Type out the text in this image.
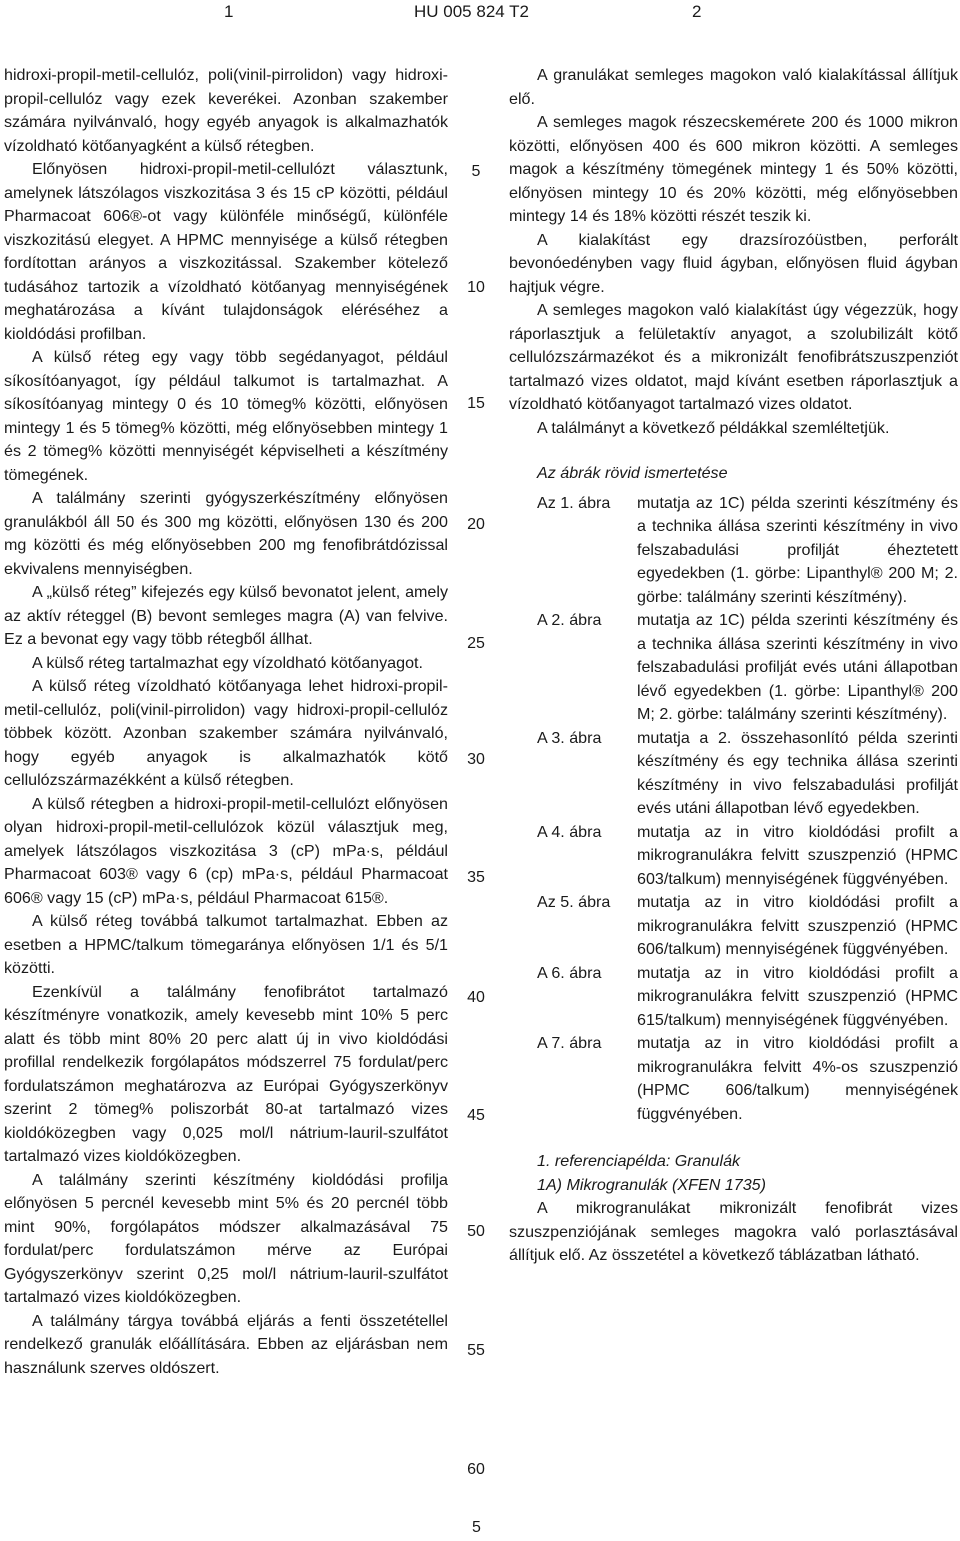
1	HU 005 824 T2	2

hidroxi-propil-metil-cellulóz, poli(vinil-pirrolidon) vagy hidroxi-propil-cellulóz vagy ezek keverékei. Azonban szakember számára nyilvánvaló, hogy egyéb anyagok is alkalmazhatók vízoldható kötőanyagként a külső rétegben.

Előnyösen hidroxi-propil-metil-cellulózt választunk, amelynek látszólagos viszkozitása 3 és 15 cP közötti, például Pharmacoat 606®-ot vagy különféle minőségű, különféle viszkozitású elegyet. A HPMC mennyisége a külső rétegben fordítottan arányos a viszkozitással. Szakember kötelező tudásához tartozik a vízoldható kötőanyag mennyiségének meghatározása a kívánt tulajdonságok eléréséhez a kioldódási profilban.

A külső réteg egy vagy több segédanyagot, például síkosítóanyagot, így például talkumot is tartalmazhat. A síkosítóanyag mintegy 0 és 10 tömeg% közötti, előnyösen mintegy 1 és 5 tömeg% közötti, még előnyösebben mintegy 1 és 2 tömeg% közötti mennyiségét képviselheti a készítmény tömegének.

A találmány szerinti gyógyszerkészítmény előnyösen granulákból áll 50 és 300 mg közötti, előnyösen 130 és 200 mg közötti és még előnyösebben 200 mg fenofibrátdózissal ekvivalens mennyiségben.

A „külső réteg” kifejezés egy külső bevonatot jelent, amely az aktív réteggel (B) bevont semleges magra (A) van felvive. Ez a bevonat egy vagy több rétegből állhat.

A külső réteg tartalmazhat egy vízoldható kötőanyagot.

A külső réteg vízoldható kötőanyaga lehet hidroxi-propil-metil-cellulóz, poli(vinil-pirrolidon) vagy hidroxi-propil-cellulóz többek között. Azonban szakember számára nyilvánvaló, hogy egyéb anyagok is alkalmazhatók kötő cellulózszármazékként a külső rétegben.

A külső rétegben a hidroxi-propil-metil-cellulózt előnyösen olyan hidroxi-propil-metil-cellulózok közül választjuk meg, amelyek látszólagos viszkozitása 3 (cP) mPa·s, például Pharmacoat 603® vagy 6 (cp) mPa·s, például Pharmacoat 606® vagy 15 (cP) mPa·s, például Pharmacoat 615®.

A külső réteg továbbá talkumot tartalmazhat. Ebben az esetben a HPMC/talkum tömegaránya előnyösen 1/1 és 5/1 közötti.

Ezenkívül a találmány fenofibrátot tartalmazó készítményre vonatkozik, amely kevesebb mint 10% 5 perc alatt és több mint 80% 20 perc alatt új in vivo kioldódási profillal rendelkezik forgólapátos módszerrel 75 fordulat/perc fordulatszámon meghatározva az Európai Gyógyszerkönyv szerint 2 tömeg% poliszorbát 80-at tartalmazó vizes kioldóközegben vagy 0,025 mol/l nátrium-lauril-szulfátot tartalmazó vizes kioldóközegben.

A találmány szerinti készítmény kioldódási profilja előnyösen 5 percnél kevesebb mint 5% és 20 percnél több mint 90%, forgólapátos módszer alkalmazásával 75 fordulat/perc fordulatszámon mérve az Európai Gyógyszerkönyv szerint 0,25 mol/l nátrium-lauril-szulfátot tartalmazó vizes kioldóközegben.

A találmány tárgya továbbá eljárás a fenti összetétellel rendelkező granulák előállítására. Ebben az eljárásban nem használunk szerves oldószert.

5
10
15
20
25
30
35
40
45
50
55
60

A granulákat semleges magokon való kialakítással állítjuk elő.

A semleges magok részecskemérete 200 és 1000 mikron közötti, előnyösen 400 és 600 mikron közötti. A semleges magok a készítmény tömegének mintegy 1 és 50% közötti, előnyösen mintegy 10 és 20% közötti, még előnyösebben mintegy 14 és 18% közötti részét teszik ki.

A kialakítást egy drazsírozóüstben, perforált bevonóedényben vagy fluid ágyban, előnyösen fluid ágyban hajtjuk végre.

A semleges magokon való kialakítást úgy végezzük, hogy ráporlasztjuk a felületaktív anyagot, a szolubilizált kötő cellulózszármazékot és a mikronizált fenofibrátszuszpenziót tartalmazó vizes oldatot, majd kívánt esetben ráporlasztjuk a vízoldható kötőanyagot tartalmazó vizes oldatot.

A találmányt a következő példákkal szemléltetjük.

Az ábrák rövid ismertetése

Az 1. ábra	mutatja az 1C) példa szerinti készítmény és a technika állása szerinti készítmény in vivo felszabadulási profilját éheztetett egyedekben (1. görbe: Lipanthyl® 200 M; 2. görbe: találmány szerinti készítmény).
A 2. ábra	mutatja az 1C) példa szerinti készítmény és a technika állása szerinti készítmény in vivo felszabadulási profilját evés utáni állapotban lévő egyedekben (1. görbe: Lipanthyl® 200 M; 2. görbe: találmány szerinti készítmény).
A 3. ábra	mutatja a 2. összehasonlító példa szerinti készítmény és egy technika állása szerinti készítmény in vivo felszabadulási profilját evés utáni állapotban lévő egyedekben.
A 4. ábra	mutatja az in vitro kioldódási profilt a mikrogranulákra felvitt szuszpenzió (HPMC 603/talkum) mennyiségének függvényében.
Az 5. ábra	mutatja az in vitro kioldódási profilt a mikrogranulákra felvitt szuszpenzió (HPMC 606/talkum) mennyiségének függvényében.
A 6. ábra	mutatja az in vitro kioldódási profilt a mikrogranulákra felvitt szuszpenzió (HPMC 615/talkum) mennyiségének függvényében.
A 7. ábra	mutatja az in vitro kioldódási profilt a mikrogranulákra felvitt 4%-os szuszpenzió (HPMC 606/talkum) mennyiségének függvényében.

1. referenciapélda: Granulák

1A) Mikrogranulák (XFEN 1735)

A mikrogranulákat mikronizált fenofibrát vizes szuszpenziójának semleges magokra való porlasztásával állítjuk elő. Az összetétel a következő táblázatban látható.

5
